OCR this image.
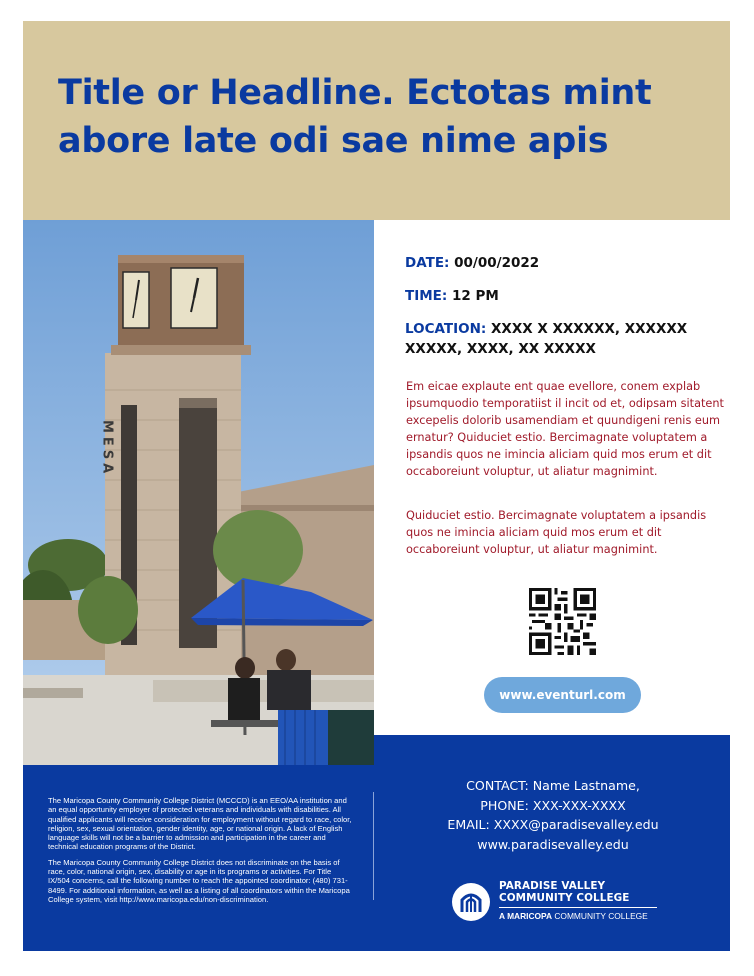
Title or Headline. Ectotas mint abore late odi sae nime apis
MESA

DATE: 00/00/2022

TIME: 12 PM

LOCATION: XXXX X XXXXXX, XXXXXX XXXXX, XXXX, XX XXXXX

Em eicae explaute ent quae evellore, conem explab ipsumquodio temporatiist il incit od et, odipsam sitatent excepelis dolorib usamendiam et quundigeni renis eum ernatur? Quiduciet estio. Bercimagnate voluptatem a ipsandis quos ne imincia aliciam quid mos erum et dit occaboreiunt voluptur, ut aliatur magnimint.

Quiduciet estio. Bercimagnate voluptatem a ipsandis quos ne imincia aliciam quid mos erum et dit occaboreiunt voluptur, ut aliatur magnimint.

www.eventurl.com

The Maricopa County Community College District (MCCCD) is an EEO/AA institution and an equal opportunity employer of protected veterans and individuals with disabilities. All qualified applicants will receive consideration for employment without regard to race, color, religion, sex, sexual orientation, gender identity, age, or national origin. A lack of English language skills will not be a barrier to admission and participation in the career and technical education programs of the District.

The Maricopa County Community College District does not discriminate on the basis of race, color, national origin, sex, disability or age in its programs or activities. For Title IX/504 concerns, call the following number to reach the appointed coordinator: (480) 731-8499. For additional information, as well as a listing of all coordinators within the Maricopa College system, visit http://www.maricopa.edu/non-discrimination.

CONTACT: Name Lastname,
PHONE: XXX-XXX-XXXX
EMAIL: XXXX@paradisevalley.edu
www.paradisevalley.edu
PARADISE VALLEY
COMMUNITY COLLEGE
A MARICOPA COMMUNITY COLLEGE
